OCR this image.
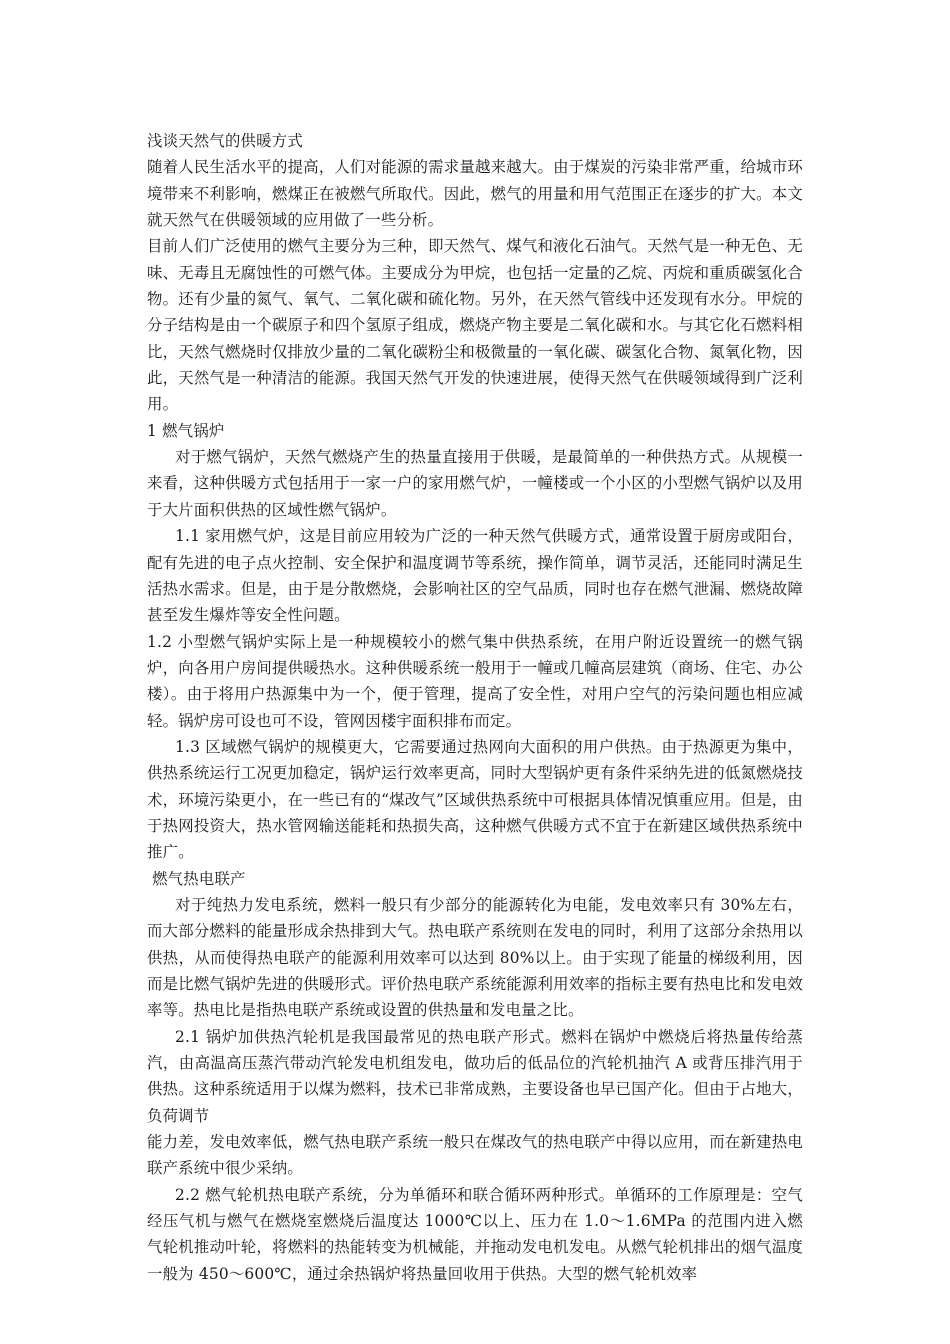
浅谈天然气的供暖方式

随着人民生活水平的提高，人们对能源的需求量越来越大。由于煤炭的污染非常严重，给城市环境带来不利影响，燃煤正在被燃气所取代。因此，燃气的用量和用气范围正在逐步的扩大。本文就天然气在供暖领域的应用做了一些分析。

目前人们广泛使用的燃气主要分为三种，即天然气、煤气和液化石油气。天然气是一种无色、无味、无毒且无腐蚀性的可燃气体。主要成分为甲烷，也包括一定量的乙烷、丙烷和重质碳氢化合物。还有少量的氮气、氧气、二氧化碳和硫化物。另外，在天然气管线中还发现有水分。甲烷的分子结构是由一个碳原子和四个氢原子组成，燃烧产物主要是二氧化碳和水。与其它化石燃料相比，天然气燃烧时仅排放少量的二氧化碳粉尘和极微量的一氧化碳、碳氢化合物、氮氧化物，因此，天然气是一种清洁的能源。我国天然气开发的快速进展，使得天然气在供暖领域得到广泛利用。

1 燃气锅炉

对于燃气锅炉，天然气燃烧产生的热量直接用于供暖，是最简单的一种供热方式。从规模一来看，这种供暖方式包括用于一家一户的家用燃气炉，一幢楼或一个小区的小型燃气锅炉以及用于大片面积供热的区域性燃气锅炉。

1.1 家用燃气炉，这是目前应用较为广泛的一种天然气供暖方式，通常设置于厨房或阳台，配有先进的电子点火控制、安全保护和温度调节等系统，操作简单，调节灵活，还能同时满足生活热水需求。但是，由于是分散燃烧，会影响社区的空气品质，同时也存在燃气泄漏、燃烧故障甚至发生爆炸等安全性问题。

1.2 小型燃气锅炉实际上是一种规模较小的燃气集中供热系统，在用户附近设置统一的燃气锅炉，向各用户房间提供暖热水。这种供暖系统一般用于一幢或几幢高层建筑（商场、住宅、办公楼）。由于将用户热源集中为一个，便于管理，提高了安全性，对用户空气的污染问题也相应减轻。锅炉房可设也可不设，管网因楼宇面积排布而定。

1.3 区域燃气锅炉的规模更大，它需要通过热网向大面积的用户供热。由于热源更为集中，供热系统运行工况更加稳定，锅炉运行效率更高，同时大型锅炉更有条件采纳先进的低氮燃烧技术，环境污染更小，在一些已有的“煤改气”区域供热系统中可根据具体情况慎重应用。但是，由于热网投资大，热水管网输送能耗和热损失高，这种燃气供暖方式不宜于在新建区域供热系统中推广。

燃气热电联产

对于纯热力发电系统，燃料一般只有少部分的能源转化为电能，发电效率只有 30%左右，而大部分燃料的能量形成余热排到大气。热电联产系统则在发电的同时，利用了这部分余热用以供热，从而使得热电联产的能源利用效率可以达到 80%以上。由于实现了能量的梯级利用，因而是比燃气锅炉先进的供暖形式。评价热电联产系统能源利用效率的指标主要有热电比和发电效率等。热电比是指热电联产系统或设置的供热量和发电量之比。

2.1 锅炉加供热汽轮机是我国最常见的热电联产形式。燃料在锅炉中燃烧后将热量传给蒸汽，由高温高压蒸汽带动汽轮发电机组发电，做功后的低品位的汽轮机抽汽 A 或背压排汽用于供热。这种系统适用于以煤为燃料，技术已非常成熟，主要设备也早已国产化。但由于占地大，负荷调节

能力差，发电效率低，燃气热电联产系统一般只在煤改气的热电联产中得以应用，而在新建热电联产系统中很少采纳。

2.2 燃气轮机热电联产系统，分为单循环和联合循环两种形式。单循环的工作原理是：空气经压气机与燃气在燃烧室燃烧后温度达 1000℃以上、压力在 1.0～1.6MPa 的范围内进入燃气轮机推动叶轮，将燃料的热能转变为机械能，并拖动发电机发电。从燃气轮机排出的烟气温度一般为 450～600℃，通过余热锅炉将热量回收用于供热。大型的燃气轮机效率
